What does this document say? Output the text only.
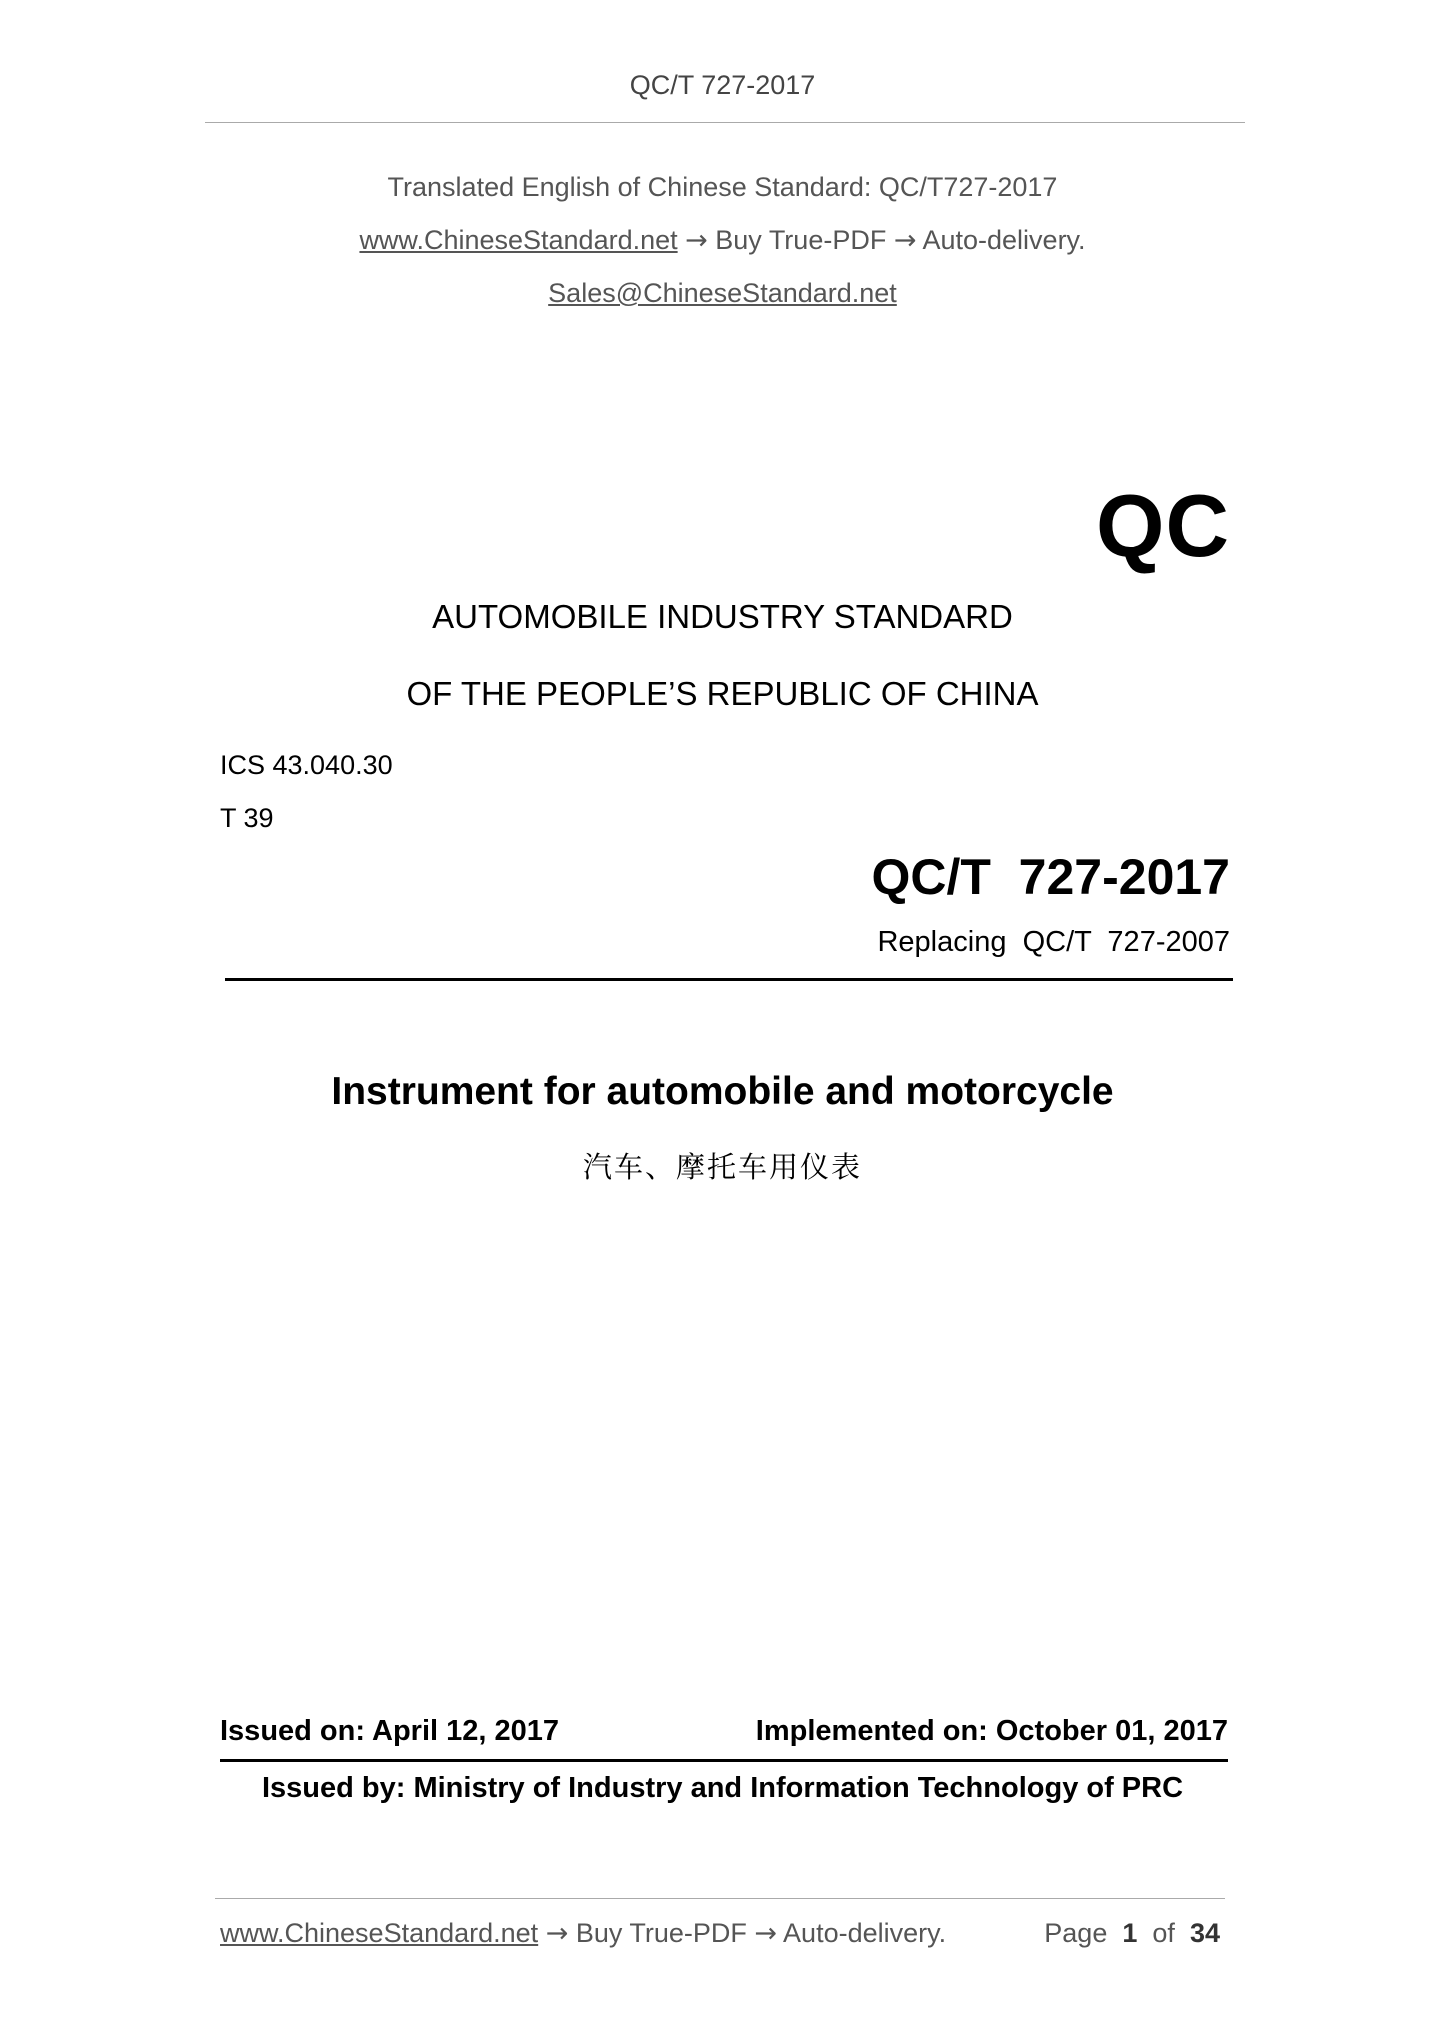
QC/T 727-2017
Translated English of Chinese Standard: QC/T727-2017
www.ChineseStandard.net → Buy True-PDF → Auto-delivery.
Sales@ChineseStandard.net
QC
AUTOMOBILE INDUSTRY STANDARD
OF THE PEOPLE’S REPUBLIC OF CHINA
ICS 43.040.30
T 39
QC/T  727-2017
Replacing  QC/T  727-2007
Instrument for automobile and motorcycle
汽车、摩托车用仪表
Issued on: April 12, 2017	Implemented on: October 01, 2017
Issued by: Ministry of Industry and Information Technology of PRC
www.ChineseStandard.net → Buy True-PDF → Auto-delivery.	Page 1 of 34
